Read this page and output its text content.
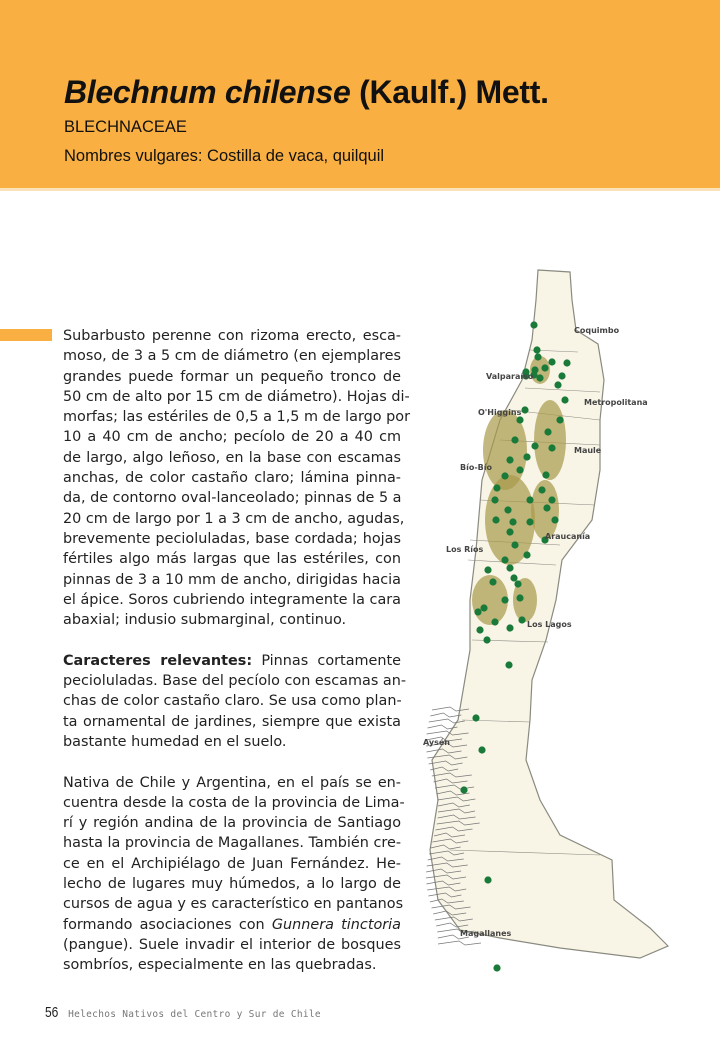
Blechnum chilense (Kaulf.) Mett.
BLECHNACEAE
Nombres vulgares: Costilla de vaca, quilquil
Subarbusto perenne con rizoma erecto, esca-
moso, de 3 a 5 cm de diámetro (en ejemplares
grandes puede formar un pequeño tronco de
50 cm de alto por 15 cm de diámetro). Hojas di-
morfas; las estériles de 0,5 a 1,5 m de largo por
10 a 40 cm de ancho; pecíolo de 20 a 40 cm
de largo, algo leñoso, en la base con escamas
anchas, de color castaño claro; lámina pinna-
da, de contorno oval-lanceolado; pinnas de 5 a
20 cm de largo por 1 a 3 cm de ancho, agudas,
brevemente pecioluladas, base cordada; hojas
fértiles algo más largas que las estériles, con
pinnas de 3 a 10 mm de ancho, dirigidas hacia
el ápice. Soros cubriendo integramente la cara
abaxial; indusio submarginal, continuo.
Caracteres relevantes: Pinnas cortamente
pecioluladas. Base del pecíolo con escamas an-
chas de color castaño claro. Se usa como plan-
ta ornamental de jardines, siempre que exista
bastante humedad en el suelo.
Nativa de Chile y Argentina, en el país se en-
cuentra desde la costa de la provincia de Lima-
rí y región andina de la provincia de Santiago
hasta la provincia de Magallanes. También cre-
ce en el Archipiélago de Juan Fernández. He-
lecho de lugares muy húmedos, a lo largo de
cursos de agua y es característico en pantanos
formando asociaciones con Gunnera tinctoria
(pangue). Suele invadir el interior de bosques
sombríos, especialmente en las quebradas.
Coquimbo
Valparaíso
Metropolitana
O'Higgins
Maule
Bío-Bío
Araucanía
Los Ríos
Los Lagos
Aysén
Magallanes
56 Helechos Nativos del Centro y Sur de Chile
